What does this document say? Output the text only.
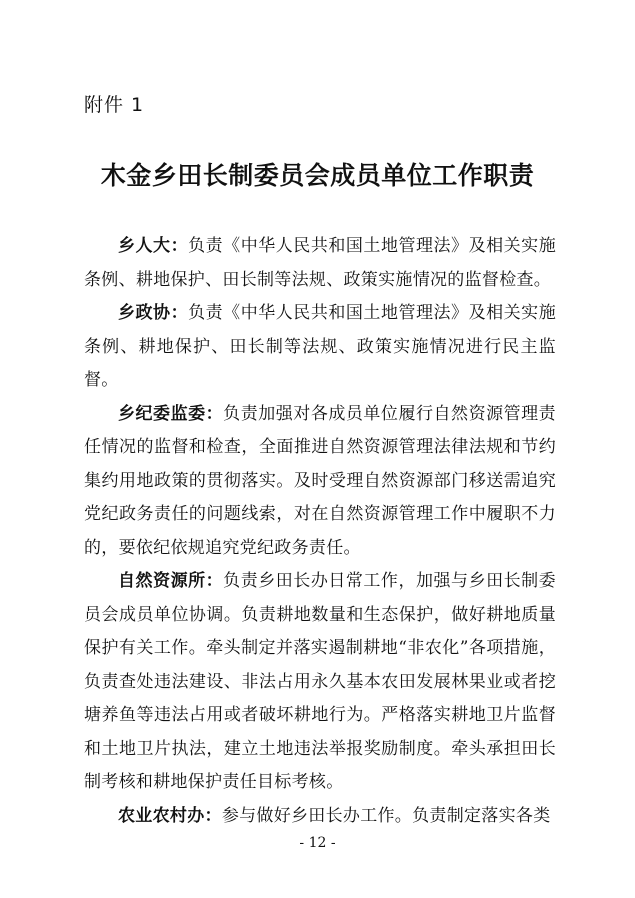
附件 1
木金乡田长制委员会成员单位工作职责

乡人大：负责《中华人民共和国土地管理法》及相关实施条例、耕地保护、田长制等法规、政策实施情况的监督检查。

乡政协：负责《中华人民共和国土地管理法》及相关实施条例、耕地保护、田长制等法规、政策实施情况进行民主监督。

乡纪委监委：负责加强对各成员单位履行自然资源管理责任情况的监督和检查，全面推进自然资源管理法律法规和节约集约用地政策的贯彻落实。及时受理自然资源部门移送需追究党纪政务责任的问题线索，对在自然资源管理工作中履职不力的，要依纪依规追究党纪政务责任。

自然资源所：负责乡田长办日常工作，加强与乡田长制委员会成员单位协调。负责耕地数量和生态保护，做好耕地质量保护有关工作。牵头制定并落实遏制耕地“非农化”各项措施，负责查处违法建设、非法占用永久基本农田发展林果业或者挖塘养鱼等违法占用或者破坏耕地行为。严格落实耕地卫片监督和土地卫片执法，建立土地违法举报奖励制度。牵头承担田长制考核和耕地保护责任目标考核。

农业农村办：参与做好乡田长办工作。负责制定落实各类

- 12 -
